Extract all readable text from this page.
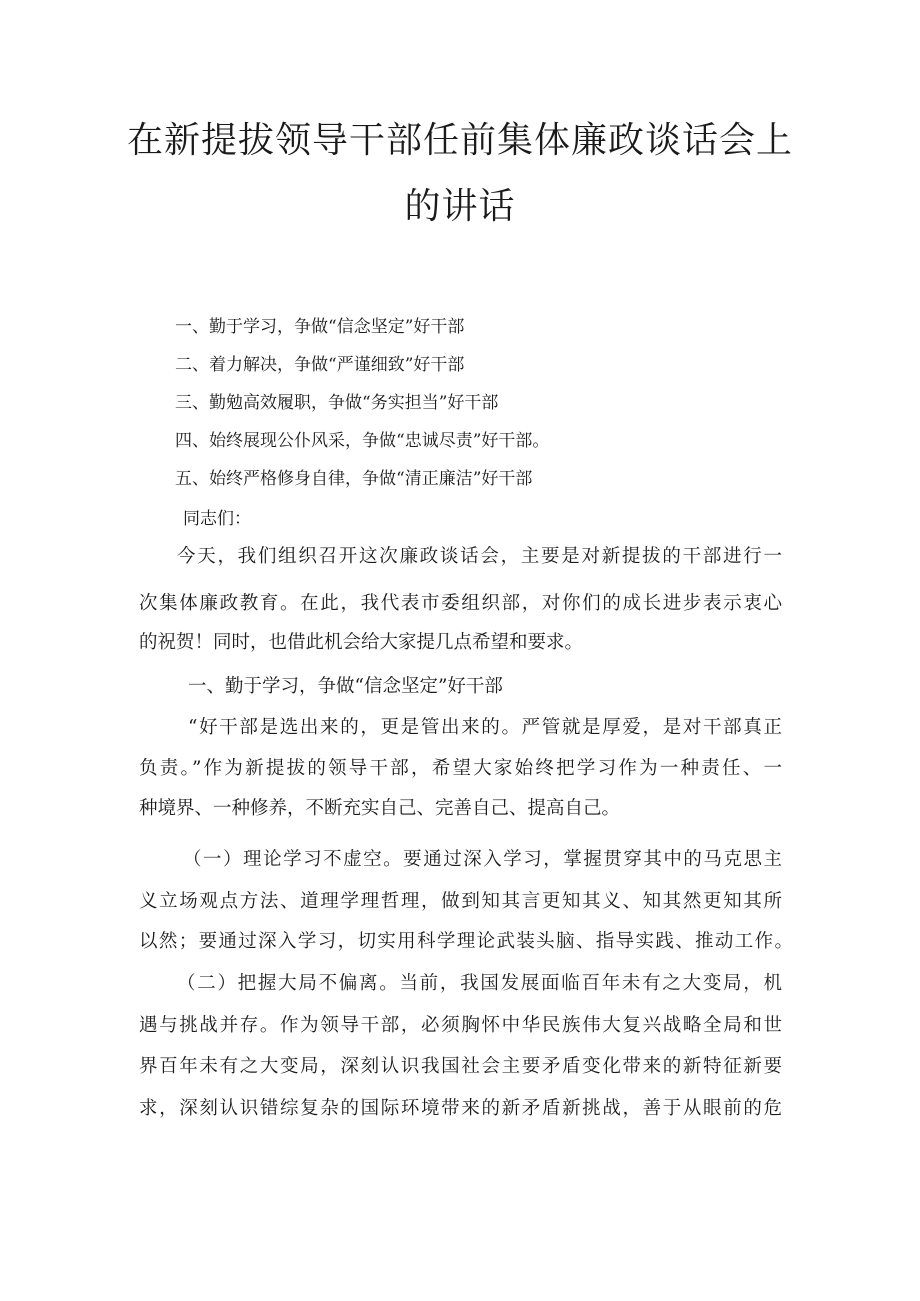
在新提拔领导干部任前集体廉政谈话会上
的讲话
一、勤于学习，争做“信念坚定”好干部
二、着力解决，争做“严谨细致”好干部
三、勤勉高效履职，争做“务实担当”好干部
四、始终展现公仆风采，争做“忠诚尽责”好干部。
五、始终严格修身自律，争做“清正廉洁”好干部
同志们：
今天，我们组织召开这次廉政谈话会，主要是对新提拔的干部进行一
次集体廉政教育。在此，我代表市委组织部，对你们的成长进步表示衷心
的祝贺！同时，也借此机会给大家提几点希望和要求。
一、勤于学习，争做“信念坚定”好干部
“好干部是选出来的，更是管出来的。严管就是厚爱，是对干部真正
负责。”作为新提拔的领导干部，希望大家始终把学习作为一种责任、一
种境界、一种修养，不断充实自己、完善自己、提高自己。
（一）理论学习不虚空。要通过深入学习，掌握贯穿其中的马克思主
义立场观点方法、道理学理哲理，做到知其言更知其义、知其然更知其所
以然；要通过深入学习，切实用科学理论武装头脑、指导实践、推动工作。
（二）把握大局不偏离。当前，我国发展面临百年未有之大变局，机
遇与挑战并存。作为领导干部，必须胸怀中华民族伟大复兴战略全局和世
界百年未有之大变局，深刻认识我国社会主要矛盾变化带来的新特征新要
求，深刻认识错综复杂的国际环境带来的新矛盾新挑战，善于从眼前的危
